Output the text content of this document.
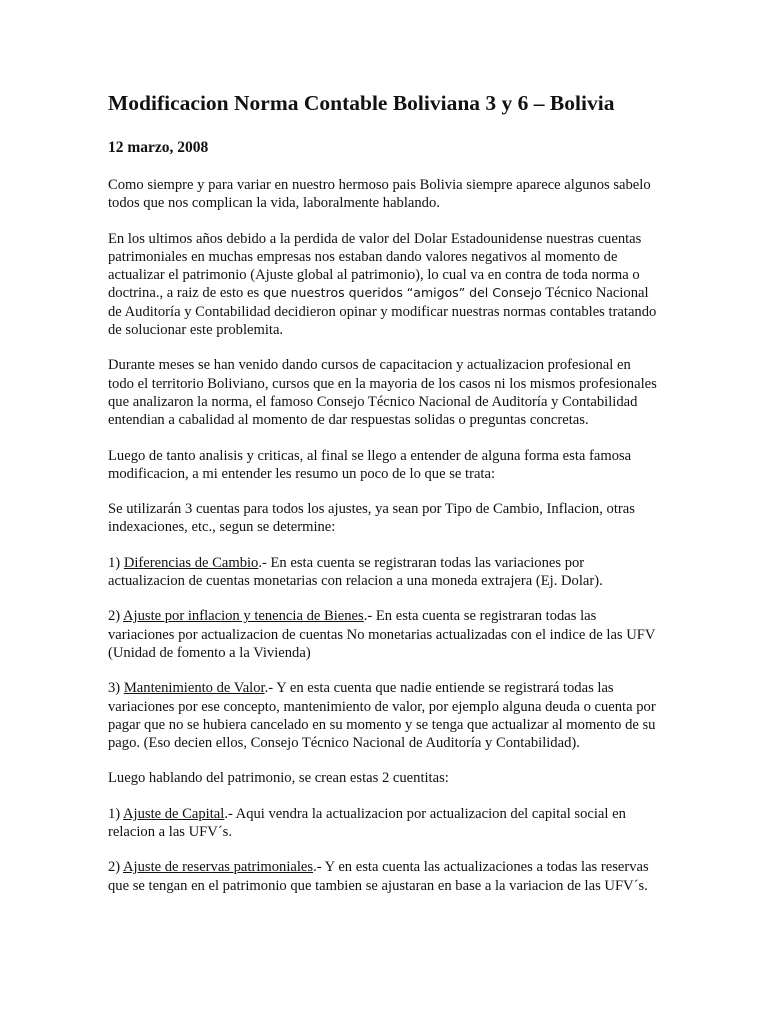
Modificacion Norma Contable Boliviana 3 y 6 – Bolivia
12 marzo, 2008

Como siempre y para variar en nuestro hermoso pais Bolivia siempre aparece algunos sabelo todos que nos complican la vida, laboralmente hablando.

En los ultimos años debido a la perdida de valor del Dolar Estadounidense nuestras cuentas patrimoniales en muchas empresas nos estaban dando valores negativos al momento de actualizar el patrimonio (Ajuste global al patrimonio), lo cual va en contra de toda norma o doctrina., a raiz de esto es que nuestros queridos “amigos” del Consejo Técnico Nacional de Auditoría y Contabilidad decidieron opinar y modificar nuestras normas contables tratando de solucionar este problemita.

Durante meses se han venido dando cursos de capacitacion y actualizacion profesional en todo el territorio Boliviano, cursos que en la mayoria de los casos ni los mismos profesionales que analizaron la norma, el famoso Consejo Técnico Nacional de Auditoría y Contabilidad entendian a cabalidad al momento de dar respuestas solidas o preguntas concretas.

Luego de tanto analisis y criticas, al final se llego a entender de alguna forma esta famosa modificacion, a mi entender les resumo un poco de lo que se trata:

Se utilizarán 3 cuentas para todos los ajustes, ya sean por Tipo de Cambio, Inflacion, otras indexaciones, etc., segun se determine:

1) Diferencias de Cambio.- En esta cuenta se registraran todas las variaciones por actualizacion de cuentas monetarias con relacion a una moneda extrajera (Ej. Dolar).

2) Ajuste por inflacion y tenencia de Bienes.- En esta cuenta se registraran todas las variaciones por actualizacion de cuentas No monetarias actualizadas con el indice de las UFV (Unidad de fomento a la Vivienda)

3) Mantenimiento de Valor.- Y en esta cuenta que nadie entiende se registrará todas las variaciones por ese concepto, mantenimiento de valor, por ejemplo alguna deuda o cuenta por pagar que no se hubiera cancelado en su momento y se tenga que actualizar al momento de su pago. (Eso decien ellos, Consejo Técnico Nacional de Auditoría y Contabilidad).

Luego hablando del patrimonio, se crean estas 2 cuentitas:

1) Ajuste de Capital.- Aqui vendra la actualizacion por actualizacion del capital social en relacion a las UFV´s.

2) Ajuste de reservas patrimoniales.- Y en esta cuenta las actualizaciones a todas las reservas que se tengan en el patrimonio que tambien se ajustaran en base a la variacion de las UFV´s.
